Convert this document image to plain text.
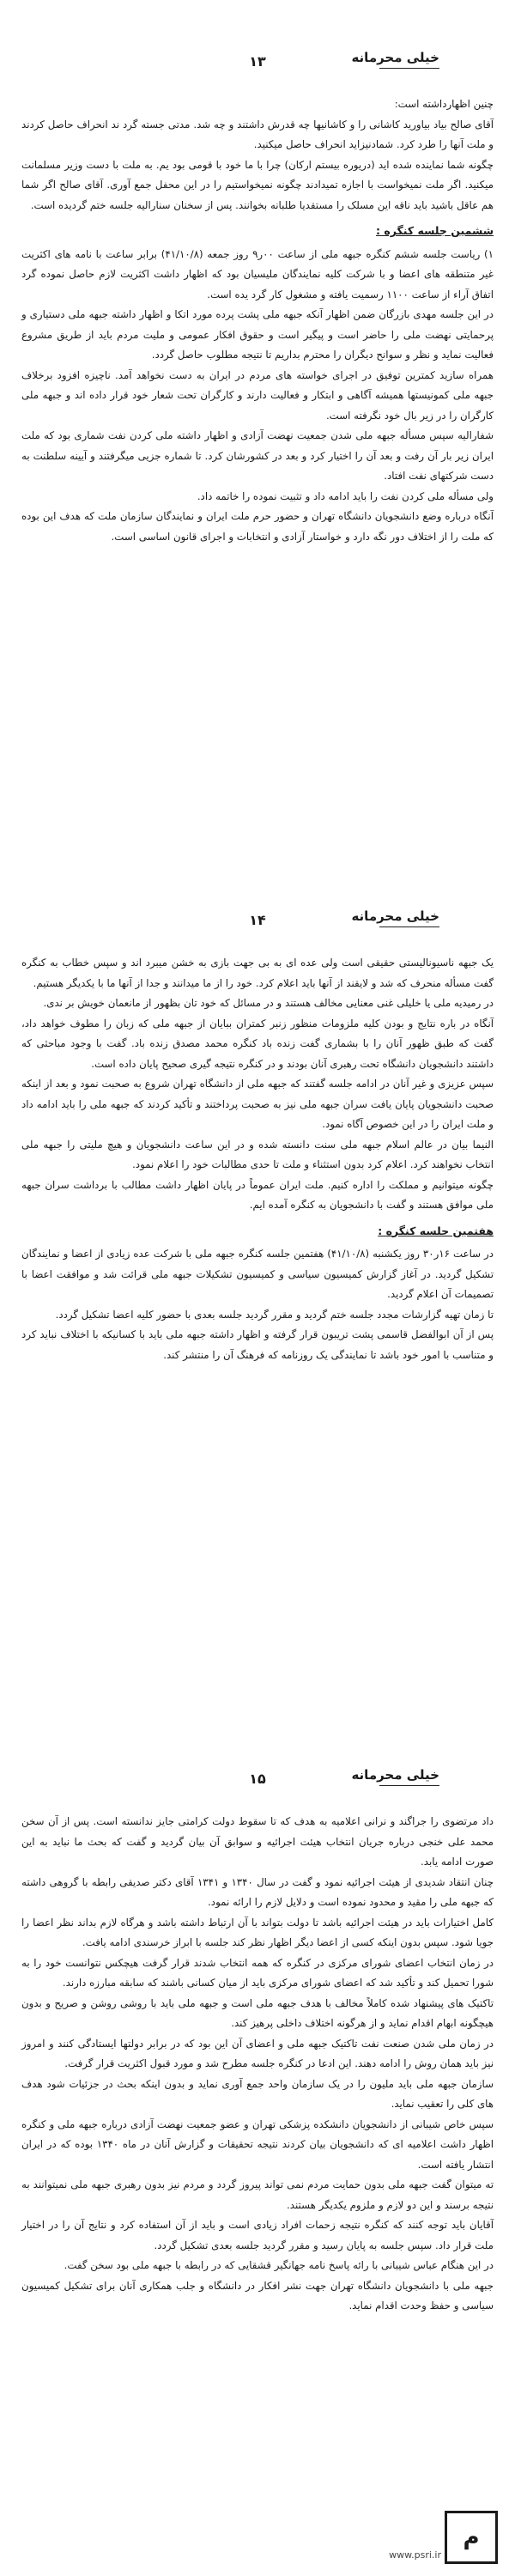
خیلی محرمانه
۱۳

چنین اظهارداشته است:

آقای صالح بیاد بیاورید کاشانی را و کاشانیها چه قدرش داشتند و چه شد. مدتی جسته گرد ند انحراف حاصل کردند و ملت آنها را طرد کرد. شمادنیزاید انحراف حاصل میکنید.

چگونه شما نماینده شده اید (دریوره بیستم ارکان) چرا با ما خود با قومی بود یم. به ملت با دست وزیر مسلمانت میکنید. اگر ملت نمیخواست با اجازه تمیدادند چگونه نمیخواستیم را در این محفل جمع آوری. آقای صالح اگر شما هم عاقل باشید باید ناقه این مسلک را مستقدیا طلبانه بخوانند. پس از سخنان سنارالیه جلسه ختم گردیده است.

ششمین جلسه کنگره :

۱) ریاست جلسه ششم کنگره جبهه ملی از ساعت ۰۰ر۹ روز جمعه (۴۱/۱۰/۸) برابر ساعت با نامه های اکثریت غیر متنطقه های اعضا و با شرکت کلیه نمایندگان ملیسیان بود که اظهار داشت اکثریت لازم حاصل نموده گرد اتفاق آراء از ساعت ۱۱۰۰ رسمیت یافته و مشغول کار گرد یده است.

در این جلسه مهدی بازرگان ضمن اظهار آنکه جبهه ملی پشت پرده مورد اتکا و اظهار داشته جبهه ملی دستیاری و پرحمایتی نهضت ملی را حاضر است و پیگیر است و حقوق افکار عمومی و ملیت مردم باید از طریق مشروع فعالیت نماید و نظر و سوانح دیگران را محترم بداریم تا نتیجه مطلوب حاصل گردد.

همراه سازید کمترین توفیق در اجرای خواسته های مردم در ایران به دست نخواهد آمد. ناچیزه افزود برخلاف جبهه ملی کمونیستها همیشه آگاهی و ابتکار و فعالیت دارند و کارگران تحت شعار خود قرار داده اند و جبهه ملی کارگران را در زیر بال خود نگرفته است.

شفارالیه سپس مسأله جبهه ملی شدن جمعیت نهضت آزادی و اظهار داشته ملی کردن نفت شماری بود که ملت ایران زیر بار آن رفت و بعد آن را اختیار کرد و بعد در کشورشان کرد. تا شماره جزیی میگرفتند و آیینه سلطنت به دست شرکتهای نفت افتاد.

ولی مسأله ملی کردن نفت را باید ادامه داد و تثبیت نموده را خاتمه داد.

آنگاه درباره وضع دانشجویان دانشگاه تهران و حضور حرم ملت ایران و نمایندگان سازمان ملت که هدف این بوده که ملت را از اختلاف دور نگه دارد و خواستار آزادی و انتخابات و اجرای قانون اساسی است.

خیلی محرمانه
۱۴

یک جبهه ناسیونالیستی حقیقی است ولی عده ای به بی جهت بازی به خشن میبرد اند و سپس خطاب به کنگره گفت مسأله منحرف که شد و لایقند از آنها باید اعلام کرد. خود را از ما میدانند و جدا از آنها ما با یکدیگر هستیم.

در رمیدیه ملی یا خلیلی غنی معنایی مخالف هستند و در مسائل که خود تان بظهور از مانعمان خویش بر ندی.

آنگاه در باره نتایج و بودن کلیه ملزومات منظور زنبر کمتران ببایان از جبهه ملی که زبان را مطوف خواهد داد، گفت که طبق ظهور آنان را با بشماری گفت زنده باد کنگره محمد مصدق زنده باد. گفت با وجود مباحثی که داشتند دانشجویان دانشگاه تحت رهبری آنان بودند و در کنگره نتیجه گیری صحیح پایان داده است.

سپس عزیزی و غیر آنان در ادامه جلسه گفتند که جبهه ملی از دانشگاه تهران شروع به صحبت نمود و بعد از اینکه صحبت دانشجویان پایان یافت سران جبهه ملی نیز به صحبت پرداختند و تأکید کردند که جبهه ملی را باید ادامه داد و ملت ایران را در این خصوص آگاه نمود.

النیما بیان در عالم اسلام جبهه ملی سنت دانسته شده و در این ساعت دانشجویان و هیچ ملیتی را جبهه ملی انتخاب نخواهند کرد. اعلام کرد بدون استثناء و ملت تا حدی مطالبات خود را اعلام نمود.

چگونه میتوانیم و مملکت را اداره کنیم. ملت ایران عموماً در پایان اظهار داشت مطالب با برداشت سران جبهه ملی موافق هستند و گفت با دانشجویان به کنگره آمده ایم.

هفتمین جلسه کنگره :

در ساعت ۱۶ر۳۰ روز یکشنبه (۴۱/۱۰/۸) هفتمین جلسه کنگره جبهه ملی با شرکت عده زیادی از اعضا و نمایندگان تشکیل گردید. در آغاز گزارش کمیسیون سیاسی و کمیسیون تشکیلات جبهه ملی قرائت شد و موافقت اعضا با تصمیمات آن اعلام گردید.

تا زمان تهیه گزارشات مجدد جلسه ختم گردید و مقرر گردید جلسه بعدی با حضور کلیه اعضا تشکیل گردد.

پس از آن ابوالفضل قاسمی پشت تریبون قرار گرفته و اظهار داشته جبهه ملی باید با کسانیکه با اختلاف نباید کرد و متناسب با امور خود باشد تا نمایندگی یک روزنامه که فرهنگ آن را منتشر کند.

خیلی محرمانه
۱۵

داد مرتضوی را جراگند و نرانی اعلامیه به هدف که تا سقوط دولت کرامتی جایز ندانسته است. پس از آن سخن محمد علی خنجی درباره جریان انتخاب هیئت اجرائیه و سوابق آن بیان گردید و گفت که بحث ما نباید به این صورت ادامه یابد.

چنان انتقاد شدیدی از هیئت اجرائیه نمود و گفت در سال ۱۳۴۰ و ۱۳۴۱ آقای دکتر صدیقی رابطه با گروهی داشته که جبهه ملی را مقید و محدود نموده است و دلایل لازم را ارائه نمود.

کامل اختیارات باید در هیئت اجرائیه باشد تا دولت بتواند با آن ارتباط داشته باشد و هرگاه لازم بداند نظر اعضا را جویا شود. سپس بدون اینکه کسی از اعضا دیگر اظهار نظر کند جلسه با ابراز خرسندی ادامه یافت.

در زمان انتخاب اعضای شورای مرکزی در کنگره که همه انتخاب شدند قرار گرفت هیچکس نتوانست خود را به شورا تحمیل کند و تأکید شد که اعضای شورای مرکزی باید از میان کسانی باشند که سابقه مبارزه دارند.

تاکتیک های پیشنهاد شده کاملاً مخالف با هدف جبهه ملی است و جبهه ملی باید با روشی روشن و صریح و بدون هیچگونه ابهام اقدام نماید و از هرگونه اختلاف داخلی پرهیز کند.

در زمان ملی شدن صنعت نفت تاکتیک جبهه ملی و اعضای آن این بود که در برابر دولتها ایستادگی کنند و امروز نیز باید همان روش را ادامه دهند. این ادعا در کنگره جلسه مطرح شد و مورد قبول اکثریت قرار گرفت.

سازمان جبهه ملی باید ملیون را در یک سازمان واحد جمع آوری نماید و بدون اینکه بحث در جزئیات شود هدف های کلی را تعقیب نماید.

سپس خاص شیبانی از دانشجویان دانشکده پزشکی تهران و عضو جمعیت نهضت آزادی درباره جبهه ملی و کنگره اظهار داشت اعلامیه ای که دانشجویان بیان کردند نتیجه تحقیقات و گزارش آنان در ماه ۱۳۴۰ بوده که در ایران انتشار یافته است.

ته میتوان گفت جبهه ملی بدون حمایت مردم نمی تواند پیروز گردد و مردم نیز بدون رهبری جبهه ملی نمیتوانند به نتیجه برسند و این دو لازم و ملزوم یکدیگر هستند.

آقایان باید توجه کنند که کنگره نتیجه زحمات افراد زیادی است و باید از آن استفاده کرد و نتایج آن را در اختیار ملت قرار داد. سپس جلسه به پایان رسید و مقرر گردید جلسه بعدی تشکیل گردد.

در این هنگام عباس شیبانی با رائه پاسخ نامه جهانگیر قشقایی که در رابطه با جبهه ملی بود سخن گفت.

جبهه ملی با دانشجویان دانشگاه تهران جهت نشر افکار در دانشگاه و جلب همکاری آنان برای تشکیل کمیسیون سیاسی و حفظ وحدت اقدام نماید.

م
www.psri.ir
